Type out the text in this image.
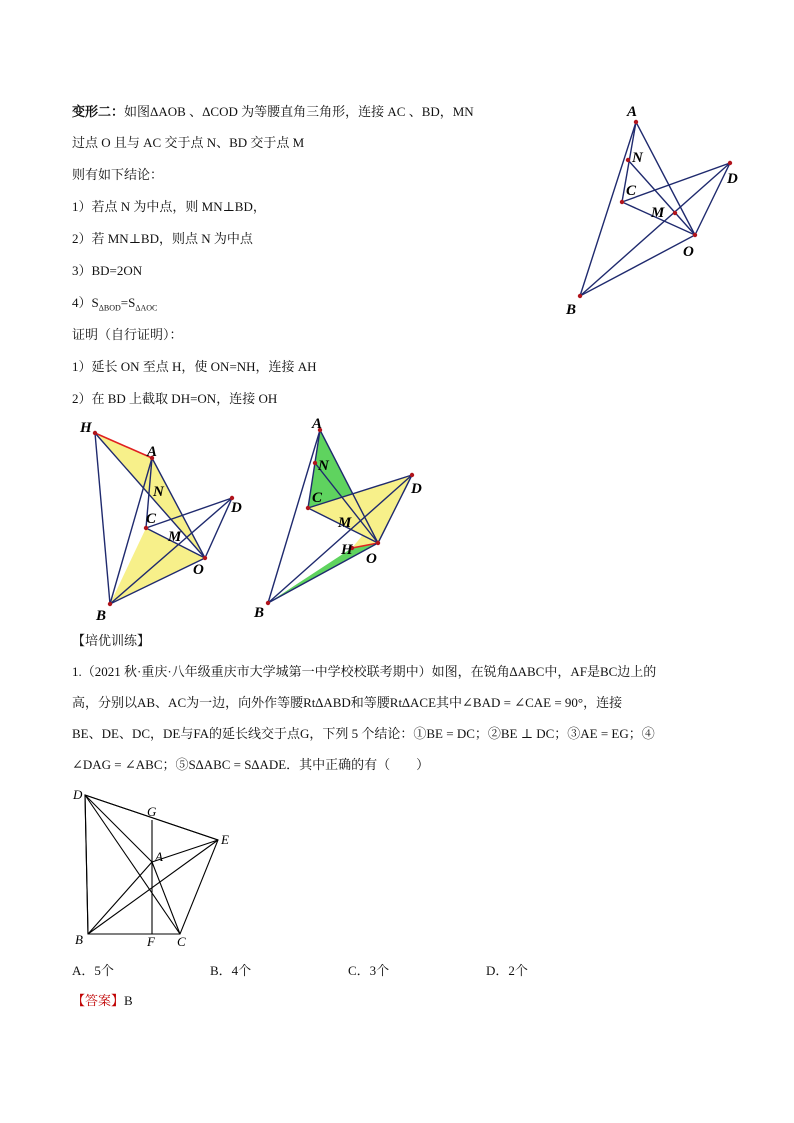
变形二：如图ΔAOB 、ΔCOD 为等腰直角三角形，连接 AC 、BD，MN
过点 O 且与 AC 交于点 N、BD 交于点 M
则有如下结论：
1）若点 N 为中点，则 MN⊥BD，
2）若 MN⊥BD，则点 N 为中点
3）BD=2ON
$4)S_{\Delta BOD}=S_{\Delta AOC}$
证明（自行证明）：
1）延长 ON 至点 H，使 ON=NH，连接 AH
2）在 BD 上截取 DH=ON，连接 OH
A
N
C
M
D
O
B
H
A
N
C
M
D
O
B
A
N
C
M
H
D
O
B
【培优训练】
1.（2021 秋·重庆·八年级重庆市大学城第一中学校校联考期中）如图，在锐角∆ABC中，AF是BC边上的
高，分别以AB、AC为一边，向外作等腰Rt∆ABD和等腰Rt∆ACE其中∠BAD = ∠CAE = 90°，连接
BE、DE、DC，DE与FA的延长线交于点G，下列 5 个结论：①BE = DC；②BE ⊥ DC；③AE = EG；④
∠DAG = ∠ABC；⑤S∆ABC = S∆ADE．其中正确的有（　　）
D
G
E
A
B	F C
A．5个	B．4个	C．3个	D．2个
【答案】B
